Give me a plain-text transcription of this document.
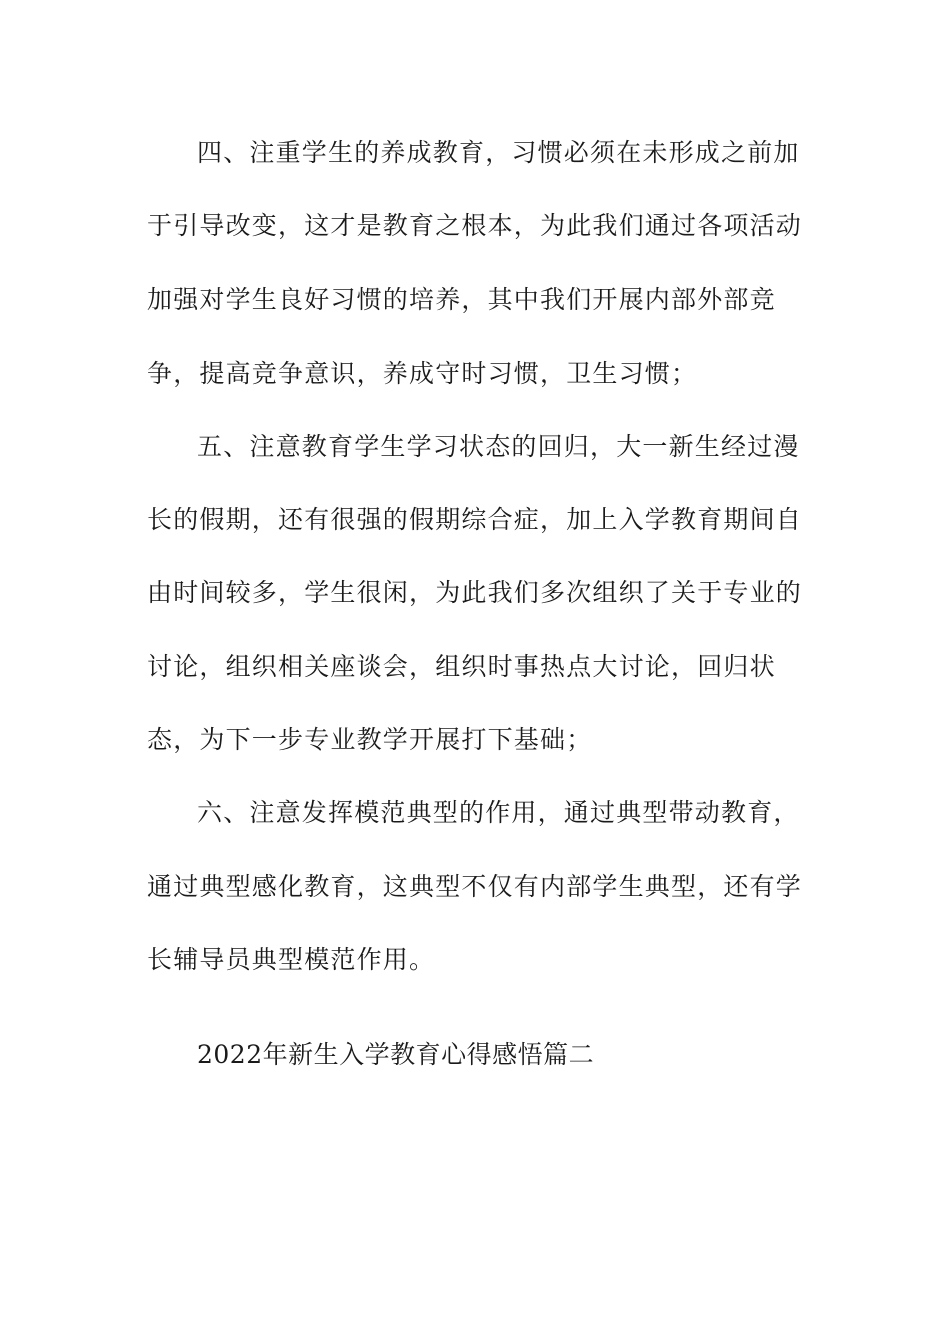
四、注重学生的养成教育，习惯必须在未形成之前加
于引导改变，这才是教育之根本，为此我们通过各项活动
加强对学生良好习惯的培养，其中我们开展内部外部竞
争，提高竞争意识，养成守时习惯，卫生习惯；
五、注意教育学生学习状态的回归，大一新生经过漫
长的假期，还有很强的假期综合症，加上入学教育期间自
由时间较多，学生很闲，为此我们多次组织了关于专业的
讨论，组织相关座谈会，组织时事热点大讨论，回归状
态，为下一步专业教学开展打下基础；
六、注意发挥模范典型的作用，通过典型带动教育，
通过典型感化教育，这典型不仅有内部学生典型，还有学
长辅导员典型模范作用。
2022年新生入学教育心得感悟篇二
